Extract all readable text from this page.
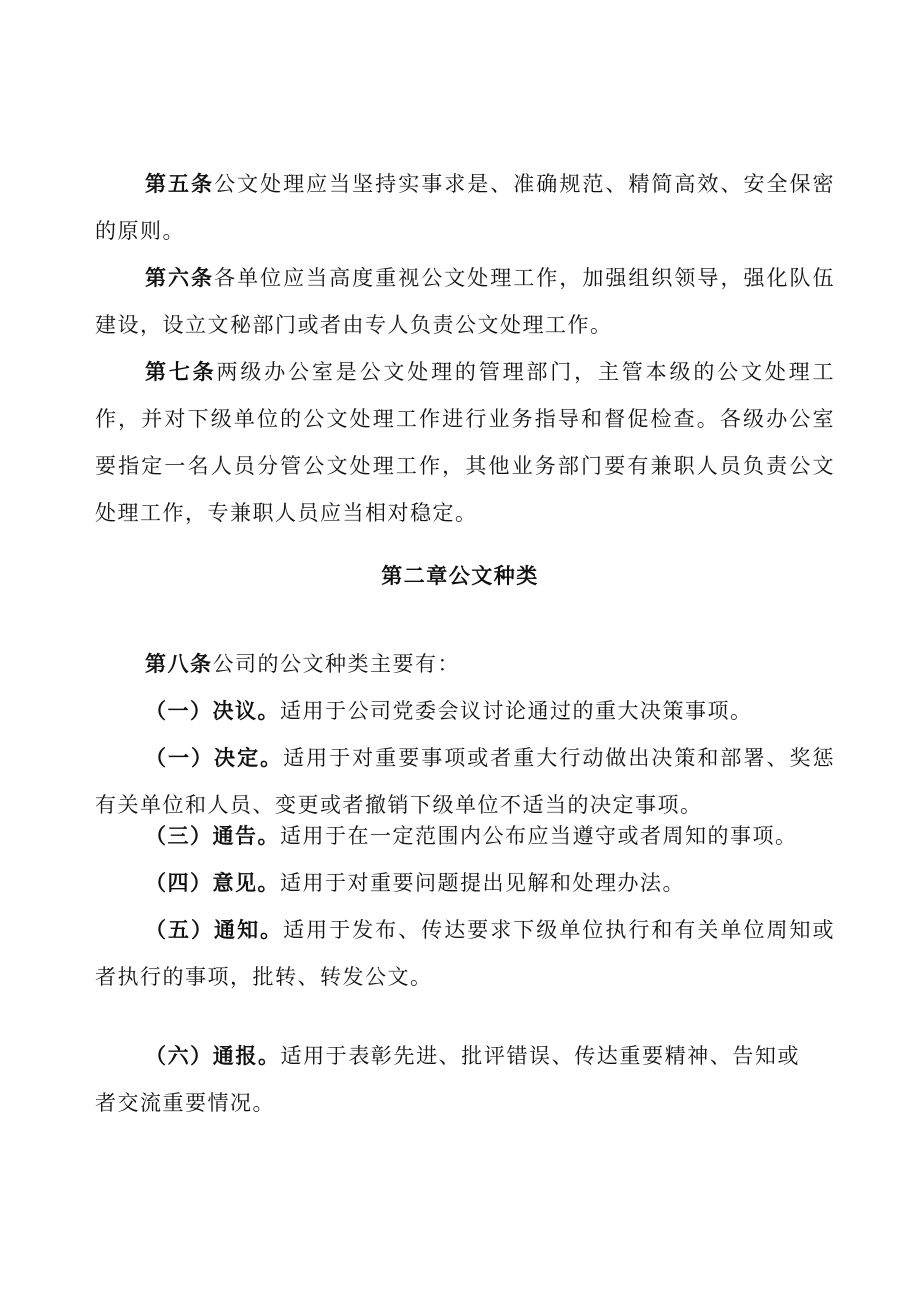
第五条公文处理应当坚持实事求是、准确规范、精简高效、安全保密的原则。

第六条各单位应当高度重视公文处理工作，加强组织领导，强化队伍建设，设立文秘部门或者由专人负责公文处理工作。

第七条两级办公室是公文处理的管理部门，主管本级的公文处理工作，并对下级单位的公文处理工作进行业务指导和督促检查。各级办公室要指定一名人员分管公文处理工作，其他业务部门要有兼职人员负责公文处理工作，专兼职人员应当相对稳定。

第二章公文种类

第八条公司的公文种类主要有：

（一）决议。适用于公司党委会议讨论通过的重大决策事项。

（一）决定。适用于对重要事项或者重大行动做出决策和部署、奖惩有关单位和人员、变更或者撤销下级单位不适当的决定事项。

（三）通告。适用于在一定范围内公布应当遵守或者周知的事项。

（四）意见。适用于对重要问题提出见解和处理办法。

（五）通知。适用于发布、传达要求下级单位执行和有关单位周知或者执行的事项，批转、转发公文。

（六）通报。适用于表彰先进、批评错误、传达重要精神、告知或者交流重要情况。
